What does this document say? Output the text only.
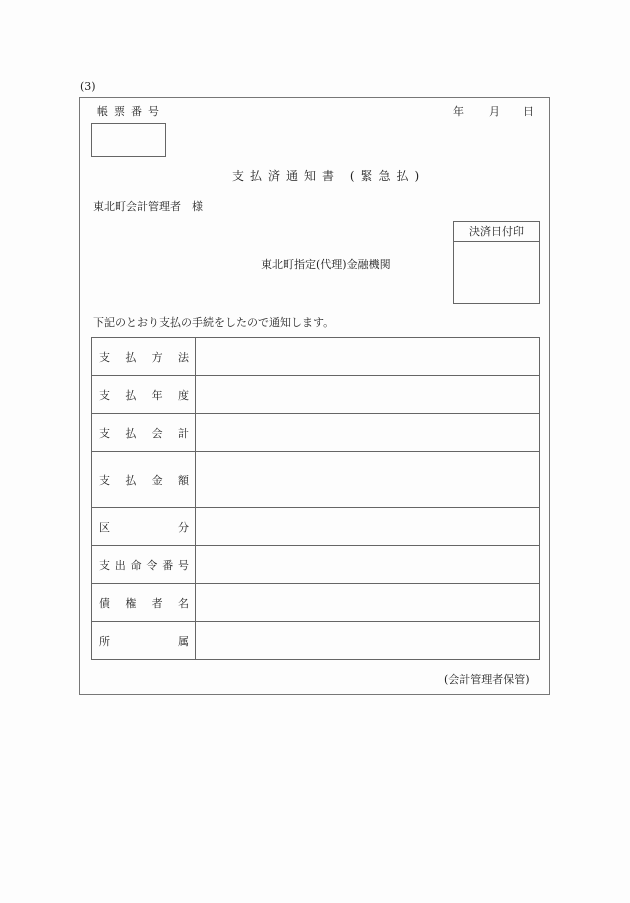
(3)
帳票番号	年 月 日
支払済通知書 (緊急払)
東北町会計管理者　様
東北町指定(代理)金融機関
決済日付印
下記のとおり支払の手続をしたので通知します。
支 払 方 法	

支 払 年 度	

支 払 会 計	

支 払 金 額	

区 分	

支 出 命 令 番 号

債 権 者 名	

所 属	

(会計管理者保管)
